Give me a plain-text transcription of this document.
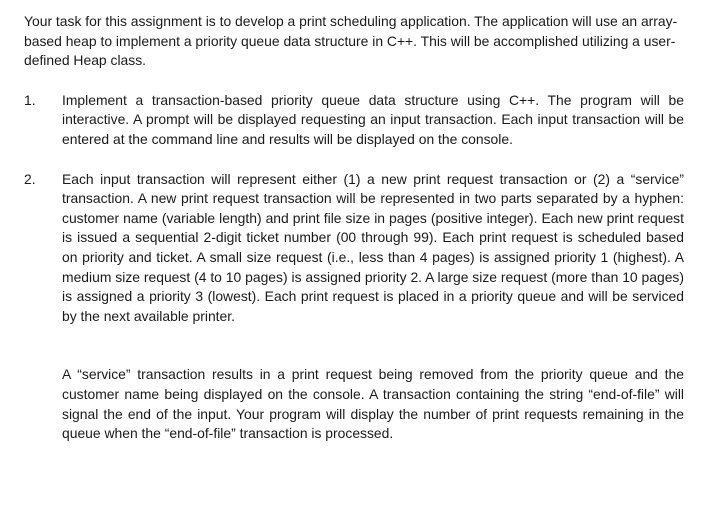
Your task for this assignment is to develop a print scheduling application. The application will use an array-based heap to implement a priority queue data structure in C++. This will be accomplished utilizing a user-defined Heap class.

1. Implement a transaction-based priority queue data structure using C++. The program will be interactive. A prompt will be displayed requesting an input transaction. Each input transaction will be entered at the command line and results will be displayed on the console.
2. Each input transaction will represent either (1) a new print request transaction or (2) a “service” transaction. A new print request transaction will be represented in two parts separated by a hyphen: customer name (variable length) and print file size in pages (positive integer). Each new print request is issued a sequential 2-digit ticket number (00 through 99). Each print request is scheduled based on priority and ticket. A small size request (i.e., less than 4 pages) is assigned priority 1 (highest). A medium size request (4 to 10 pages) is assigned priority 2. A large size request (more than 10 pages) is assigned a priority 3 (lowest). Each print request is placed in a priority queue and will be serviced by the next available printer.

A “service” transaction results in a print request being removed from the priority queue and the customer name being displayed on the console. A transaction containing the string “end-of-file” will signal the end of the input. Your program will display the number of print requests remaining in the queue when the “end-of-file” transaction is processed.
